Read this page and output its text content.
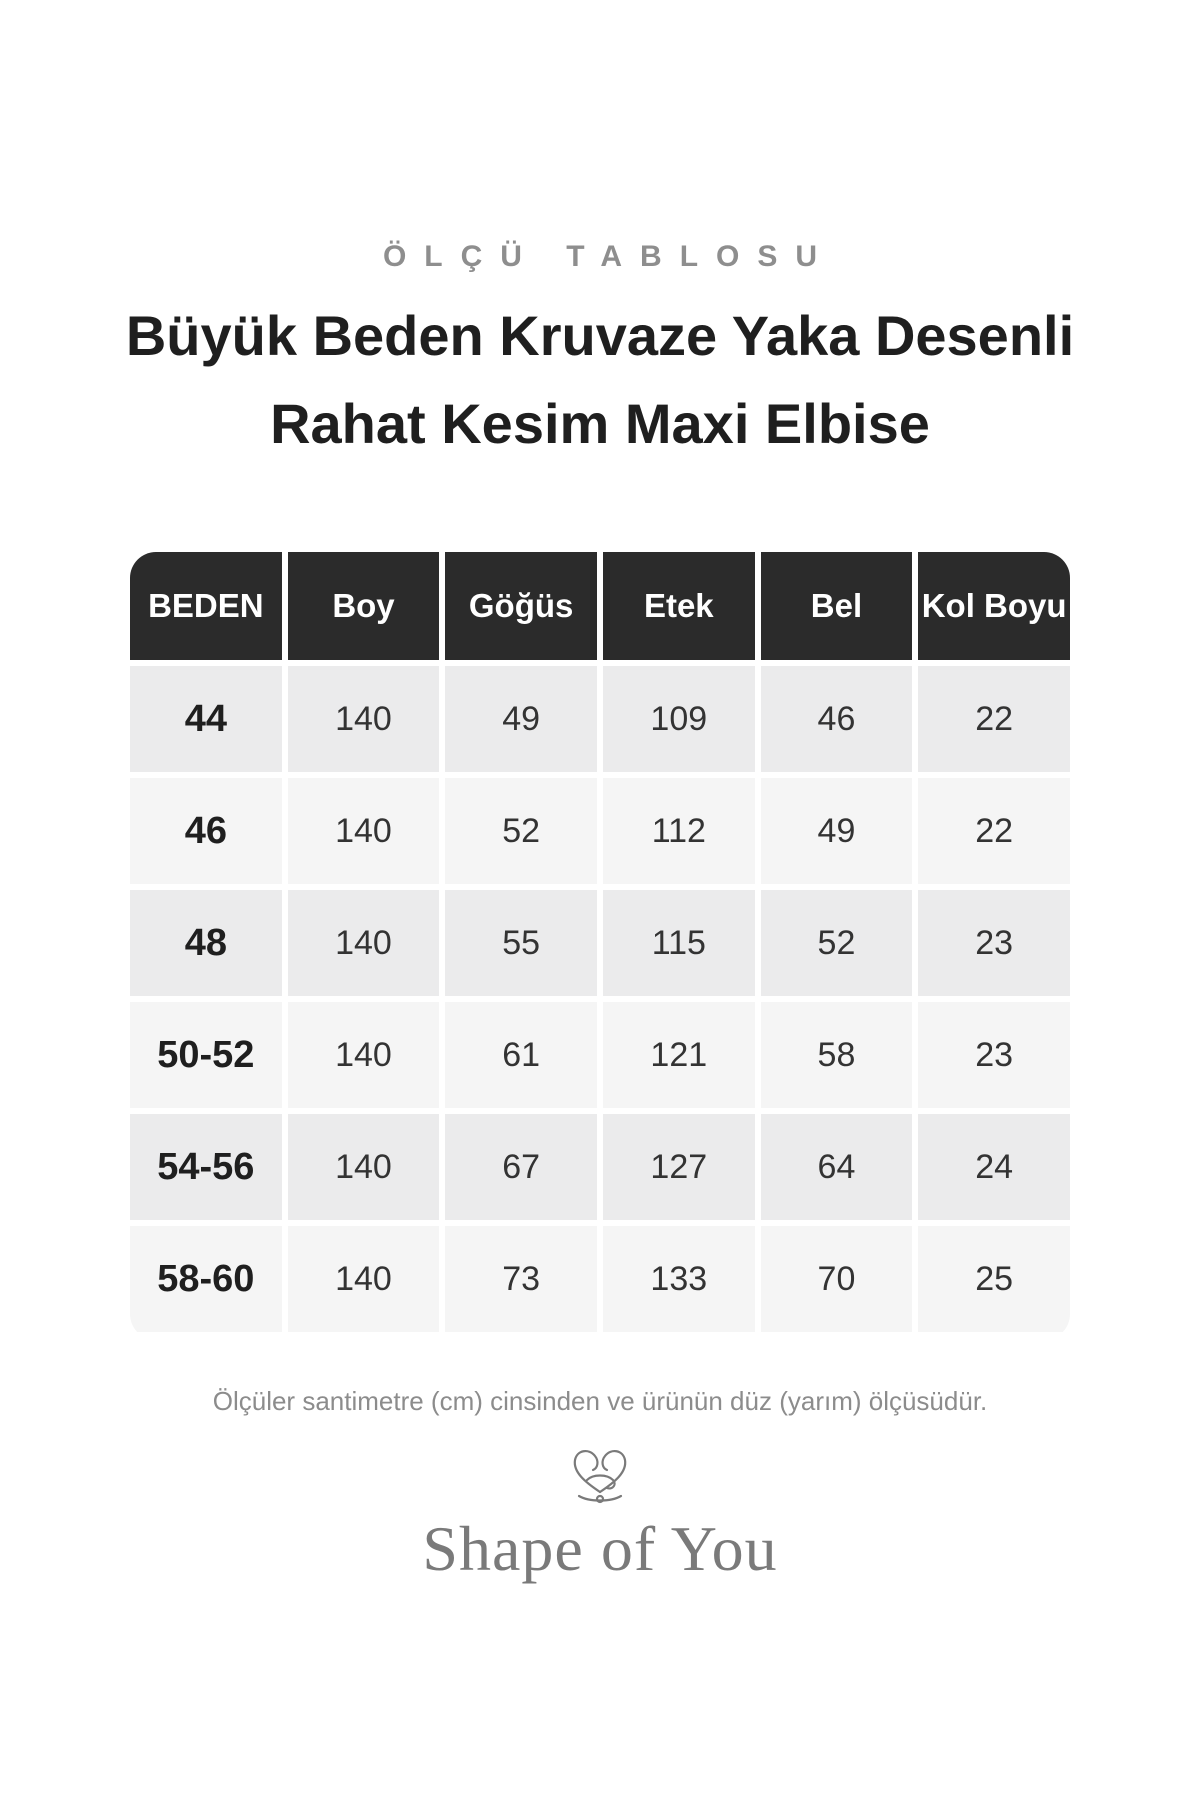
ÖLÇÜ TABLOSU
Büyük Beden Kruvaze Yaka Desenli
Rahat Kesim Maxi Elbise
BEDEN	Boy	Göğüs	Etek	Bel	Kol Boyu
44	140	49	109	46	22
46	140	52	112	49	22
48	140	55	115	52	23
50-52	140	61	121	58	23
54-56	140	67	127	64	24
58-60	140	73	133	70	25
Ölçüler santimetre (cm) cinsinden ve ürünün düz (yarım) ölçüsüdür.
Shape of You
